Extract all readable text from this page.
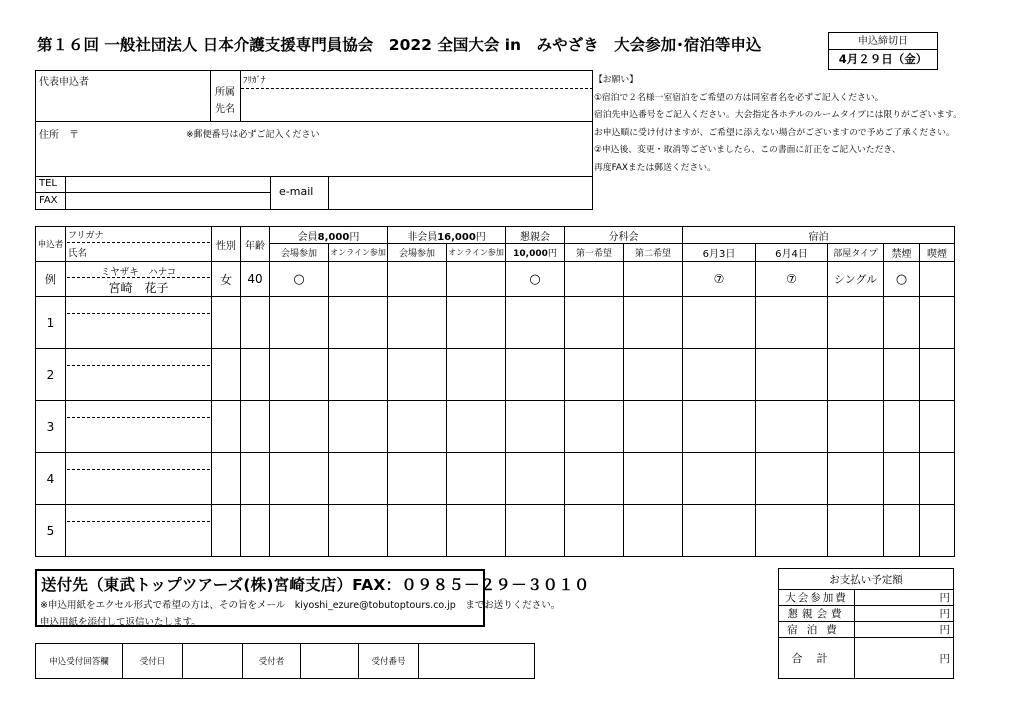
第１６回 一般社団法人 日本介護支援専門員協会　2022 全国大会 in　みやざき　大会参加･宿泊等申込	申込締切日
4月２９日（金）
代表申込者
所属
先名
ﾌﾘｶﾞﾅ
住所　〒	※郵便番号は必ずご記入ください
TEL
FAX
e-mail
【お願い】
①宿泊で２名様一室宿泊をご希望の方は同室者名を必ずご記入ください。
宿泊先申込番号をご記入ください。大会指定各ホテルのルームタイプには限りがございます。
お申込順に受け付けますが、ご希望に添えない場合がございますので予めご了承ください。
②申込後、変更・取消等ございましたら、この書面に訂正をご記入いただき、
再度FAXまたは郵送ください。
申込者	フリガナ
氏名	性別	年齢	会員8,000円		非会員16,000円		懇親会	分科会		宿泊				
				会場参加	オンライン参加	会場参加	オンライン参加	10,000円	第一希望	第二希望	6月3日	6月4日	部屋タイプ	禁煙	喫煙
例	ミヤザキ　ハナコ
宮崎　花子	女	40	○				○			⑦	⑦	シングル	○	
1	

2	

3	

4	

5	

送付先（東武トップツアーズ(株)宮崎支店）FAX：０９８５－２９－３０１０
※申込用紙をエクセル形式で希望の方は、その旨をメール　kiyoshi_ezure@tobutoptours.co.jp　までお送りください。
申込用紙を添付して返信いたします。
申込受付回答欄	受付日		受付者		受付番号	
お支払い予定額	
大会参加費	円
懇親会費	円
宿泊費	円
合計	円
